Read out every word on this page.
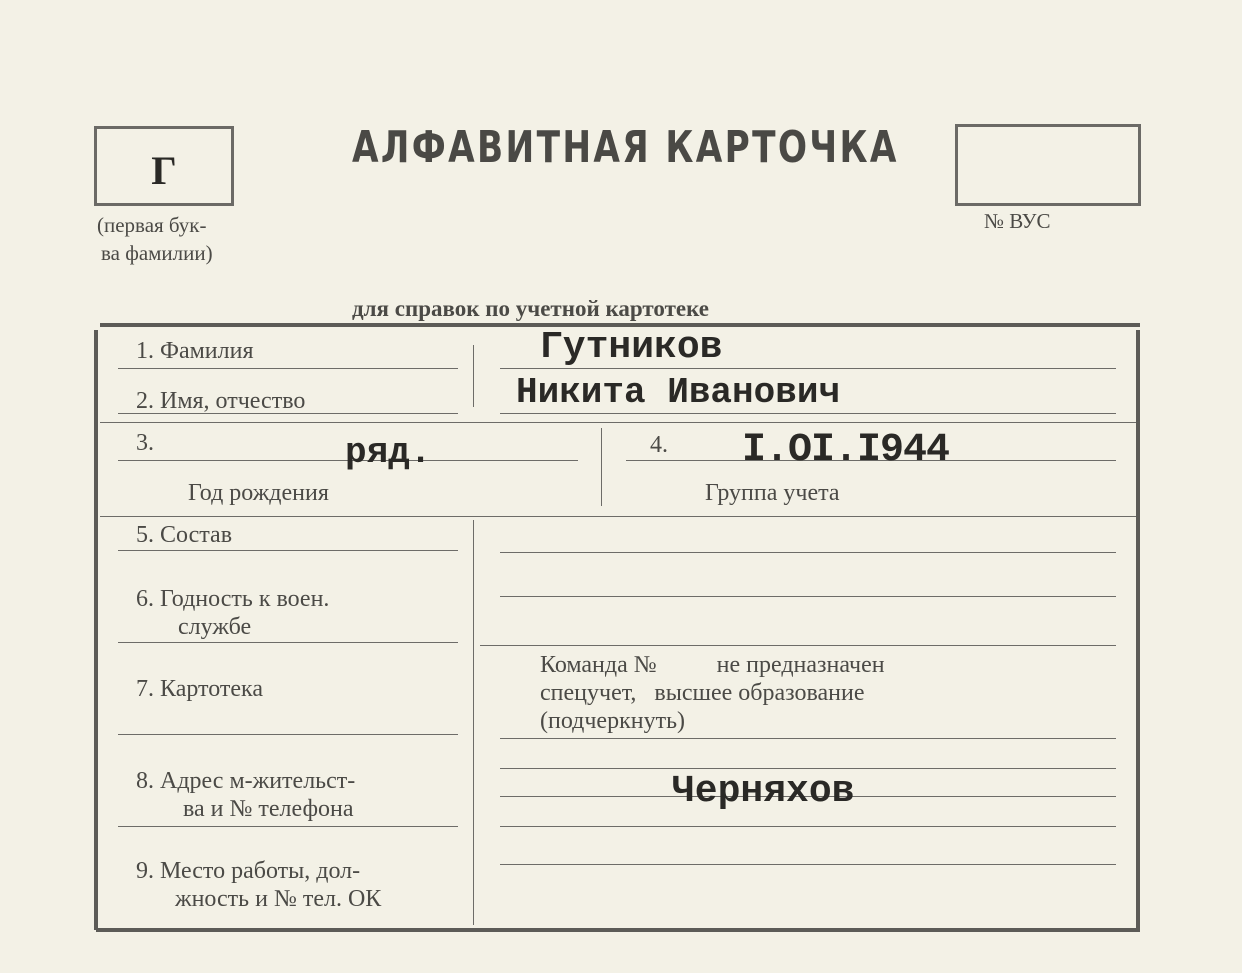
Г
(первая бук-
ва фамилии)
АЛФАВИТНАЯ КАРТОЧКА
№ ВУС
для справок по учетной картотеке
1. Фамилия
2. Имя, отчество
3.
Год рождения
4.
Группа учета
5. Состав
6. Годность к воен.
службе
7. Картотека
8. Адрес м-жительст-
ва и № телефона
9. Место работы, дол-
жность и № тел. ОК
Гутников
Никита Иванович
ряд.	I.OI.I944
Команда №          не предназначен
спецучет,   высшее образование
(подчеркнуть)
Черняхов
